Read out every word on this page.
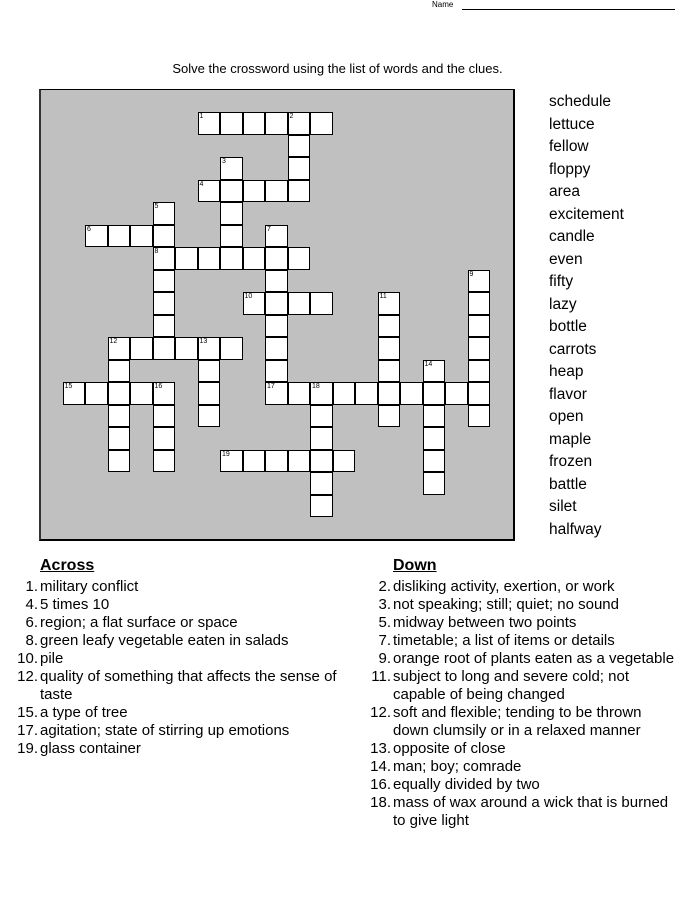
Name
Solve the crossword using the list of words and the clues.
1	2
3
4
5
8
6	7
17
9
10	11
12	13
14
15	16	18
19
schedule
lettuce
fellow
floppy
area
excitement
candle
even
fifty
lazy
bottle
carrots
heap
flavor
open
maple
frozen
battle
silet
halfway
Across
1. military conflict
4. 5 times 10
6. region; a flat surface or space
8. green leafy vegetable eaten in salads
10. pile
12. quality of something that affects the sense of taste
15. a type of tree
17. agitation; state of stirring up emotions
19. glass container
Down
2. disliking activity, exertion, or work
3. not speaking; still; quiet; no sound
5. midway between two points
7. timetable; a list of items or details
9. orange root of plants eaten as a vegetable
11. subject to long and severe cold; not capable of being changed
12. soft and flexible; tending to be thrown down clumsily or in a relaxed manner
13. opposite of close
14. man; boy; comrade
16. equally divided by two
18. mass of wax around a wick that is burned to give light
